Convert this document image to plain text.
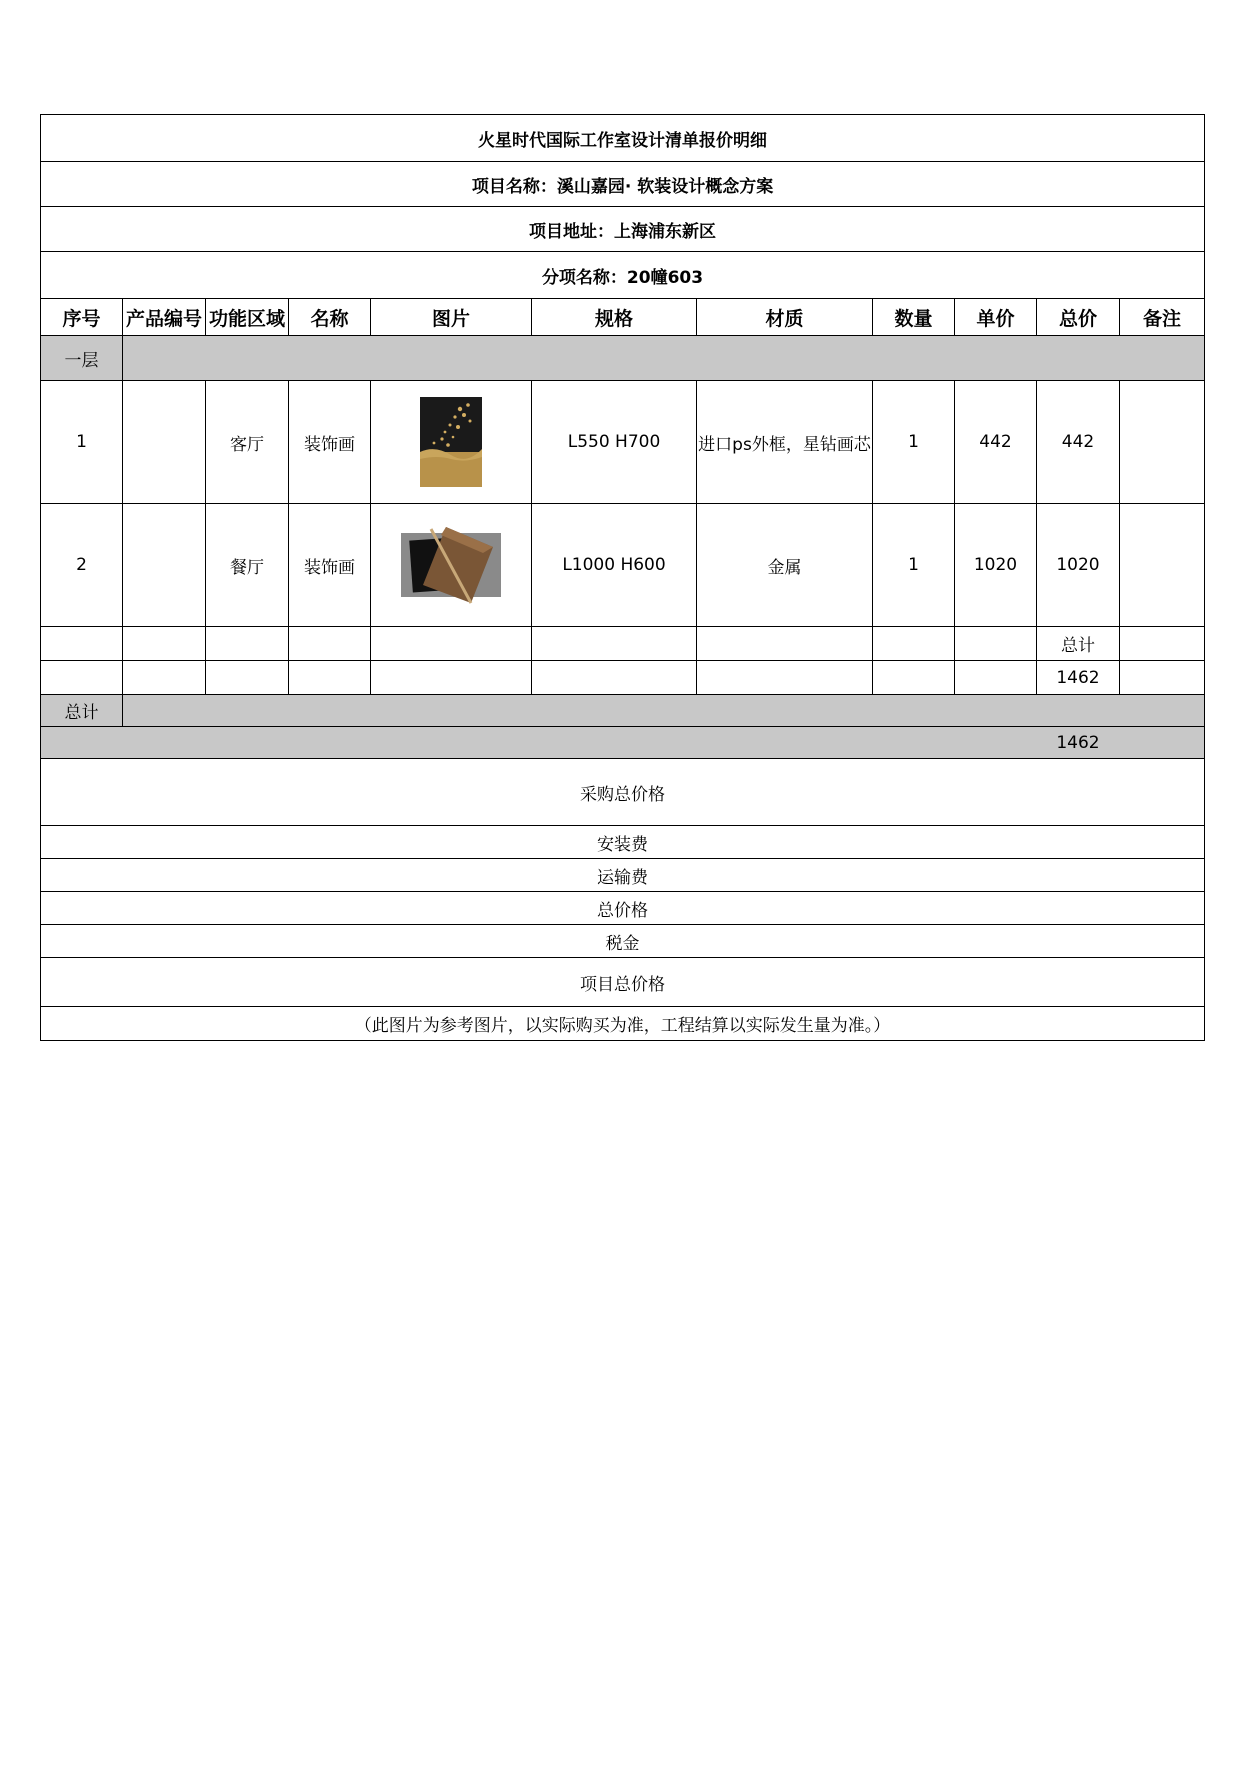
火星时代国际工作室设计清单报价明细										
项目名称：溪山嘉园· 软装设计概念方案										
项目地址：上海浦东新区										
分项名称：20幢603										
序号	产品编号	功能区域	名称	图片	规格	材质	数量	单价	总价	备注
一层										
1		客厅	装饰画		L550 H700	进口ps外框，星钻画芯	1	442	442	
2		餐厅	装饰画		L1000 H600	金属	1	1020	1020	
									总计	
									1462	
总计										
									1462	
采购总价格										
安装费										
运输费										
总价格										
税金										
项目总价格										
（此图片为参考图片，以实际购买为准，工程结算以实际发生量为准。）										
